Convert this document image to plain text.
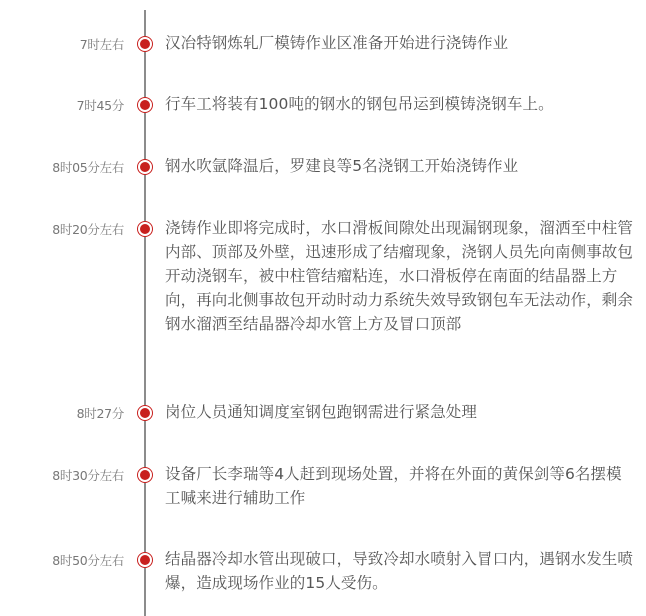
7时左右	汉冶特钢炼轧厂模铸作业区准备开始进行浇铸作业
7时45分	行车工将装有100吨的钢水的钢包吊运到模铸浇钢车上。
8时05分左右	钢水吹氩降温后，罗建良等5名浇钢工开始浇铸作业
8时20分左右	浇铸作业即将完成时，水口滑板间隙处出现漏钢现象，溜洒至中柱管内部、顶部及外壁，迅速形成了结瘤现象，浇钢人员先向南侧事故包开动浇钢车，被中柱管结瘤粘连，水口滑板停在南面的结晶器上方向，再向北侧事故包开动时动力系统失效导致钢包车无法动作，剩余钢水溜洒至结晶器冷却水管上方及冒口顶部
8时27分	岗位人员通知调度室钢包跑钢需进行紧急处理
8时30分左右	设备厂长李瑞等4人赶到现场处置，并将在外面的黄保剑等6名摆模工喊来进行辅助工作
8时50分左右	结晶器冷却水管出现破口，导致冷却水喷射入冒口内，遇钢水发生喷爆，造成现场作业的15人受伤。
